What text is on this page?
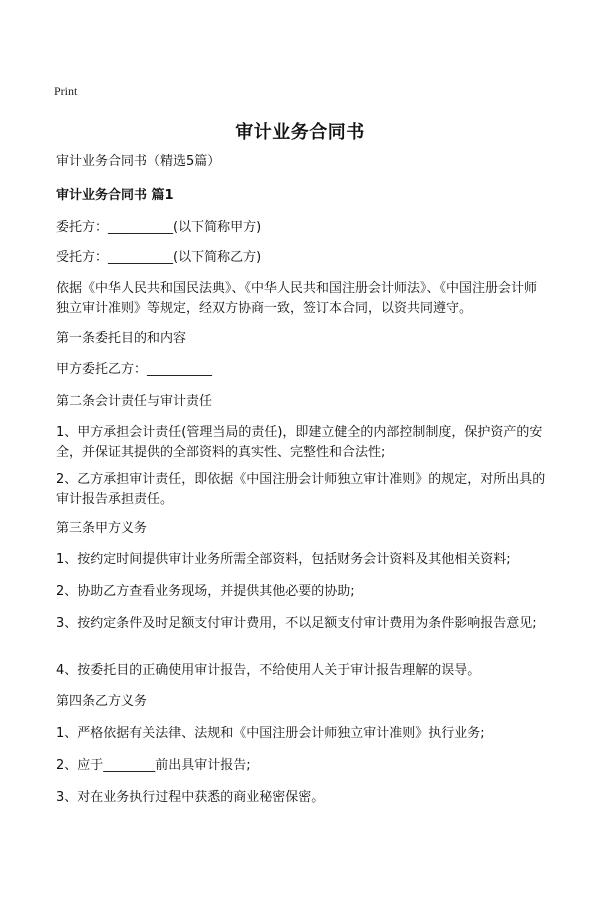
Print
审计业务合同书

审计业务合同书（精选5篇）

审计业务合同书 篇1

委托方：__________(以下简称甲方)

受托方：__________(以下简称乙方)

依据《中华人民共和国民法典》、《中华人民共和国注册会计师法》、《中国注册会计师独立审计准则》等规定，经双方协商一致，签订本合同，以资共同遵守。

第一条委托目的和内容

甲方委托乙方：__________

第二条会计责任与审计责任

1、甲方承担会计责任(管理当局的责任)，即建立健全的内部控制制度，保护资产的安全，并保证其提供的全部资料的真实性、完整性和合法性;

2、乙方承担审计责任，即依据《中国注册会计师独立审计准则》的规定，对所出具的审计报告承担责任。

第三条甲方义务

1、按约定时间提供审计业务所需全部资料，包括财务会计资料及其他相关资料;

2、协助乙方查看业务现场，并提供其他必要的协助;

3、按约定条件及时足额支付审计费用，不以足额支付审计费用为条件影响报告意见;

4、按委托目的正确使用审计报告，不给使用人关于审计报告理解的误导。

第四条乙方义务

1、严格依据有关法律、法规和《中国注册会计师独立审计准则》执行业务;

2、应于________前出具审计报告;

3、对在业务执行过程中获悉的商业秘密保密。
